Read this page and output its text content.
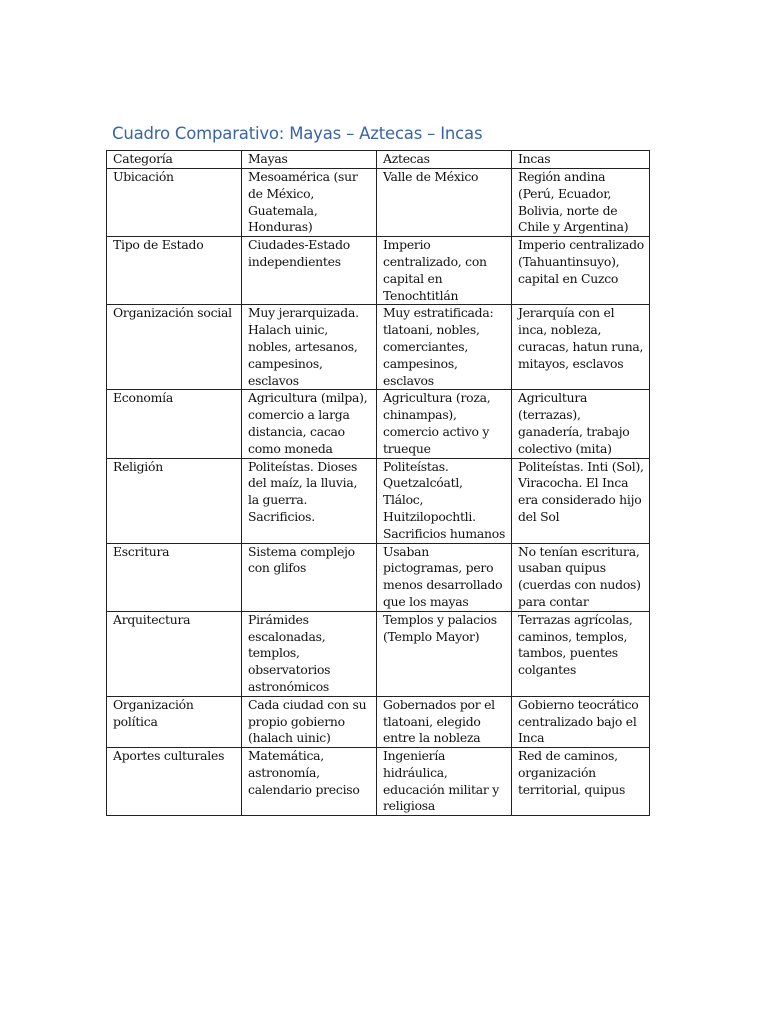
Cuadro Comparativo: Mayas – Aztecas – Incas
Categoría	Mayas	Aztecas	Incas
Ubicación	Mesoamérica (sur de México, Guatemala, Honduras)	Valle de México	Región andina (Perú, Ecuador, Bolivia, norte de Chile y Argentina)
Tipo de Estado	Ciudades-Estado independientes	Imperio centralizado, con capital en Tenochtitlán	Imperio centralizado (Tahuantinsuyo), capital en Cuzco
Organización social	Muy jerarquizada. Halach uinic, nobles, artesanos, campesinos, esclavos	Muy estratificada: tlatoani, nobles, comerciantes, campesinos, esclavos	Jerarquía con el inca, nobleza, curacas, hatun runa, mitayos, esclavos
Economía	Agricultura (milpa), comercio a larga distancia, cacao como moneda	Agricultura (roza, chinampas), comercio activo y trueque	Agricultura (terrazas), ganadería, trabajo colectivo (mita)
Religión	Politeístas. Dioses del maíz, la lluvia, la guerra. Sacrificios.	Politeístas. Quetzalcóatl, Tláloc, Huitzilopochtli. Sacrificios humanos	Politeístas. Inti (Sol), Viracocha. El Inca era considerado hijo del Sol
Escritura	Sistema complejo con glifos	Usaban pictogramas, pero menos desarrollado que los mayas	No tenían escritura, usaban quipus (cuerdas con nudos) para contar
Arquitectura	Pirámides escalonadas, templos, observatorios astronómicos	Templos y palacios (Templo Mayor)	Terrazas agrícolas, caminos, templos, tambos, puentes colgantes
Organización política	Cada ciudad con su propio gobierno (halach uinic)	Gobernados por el tlatoani, elegido entre la nobleza	Gobierno teocrático centralizado bajo el Inca
Aportes culturales	Matemática, astronomía, calendario preciso	Ingeniería hidráulica, educación militar y religiosa	Red de caminos, organización territorial, quipus
